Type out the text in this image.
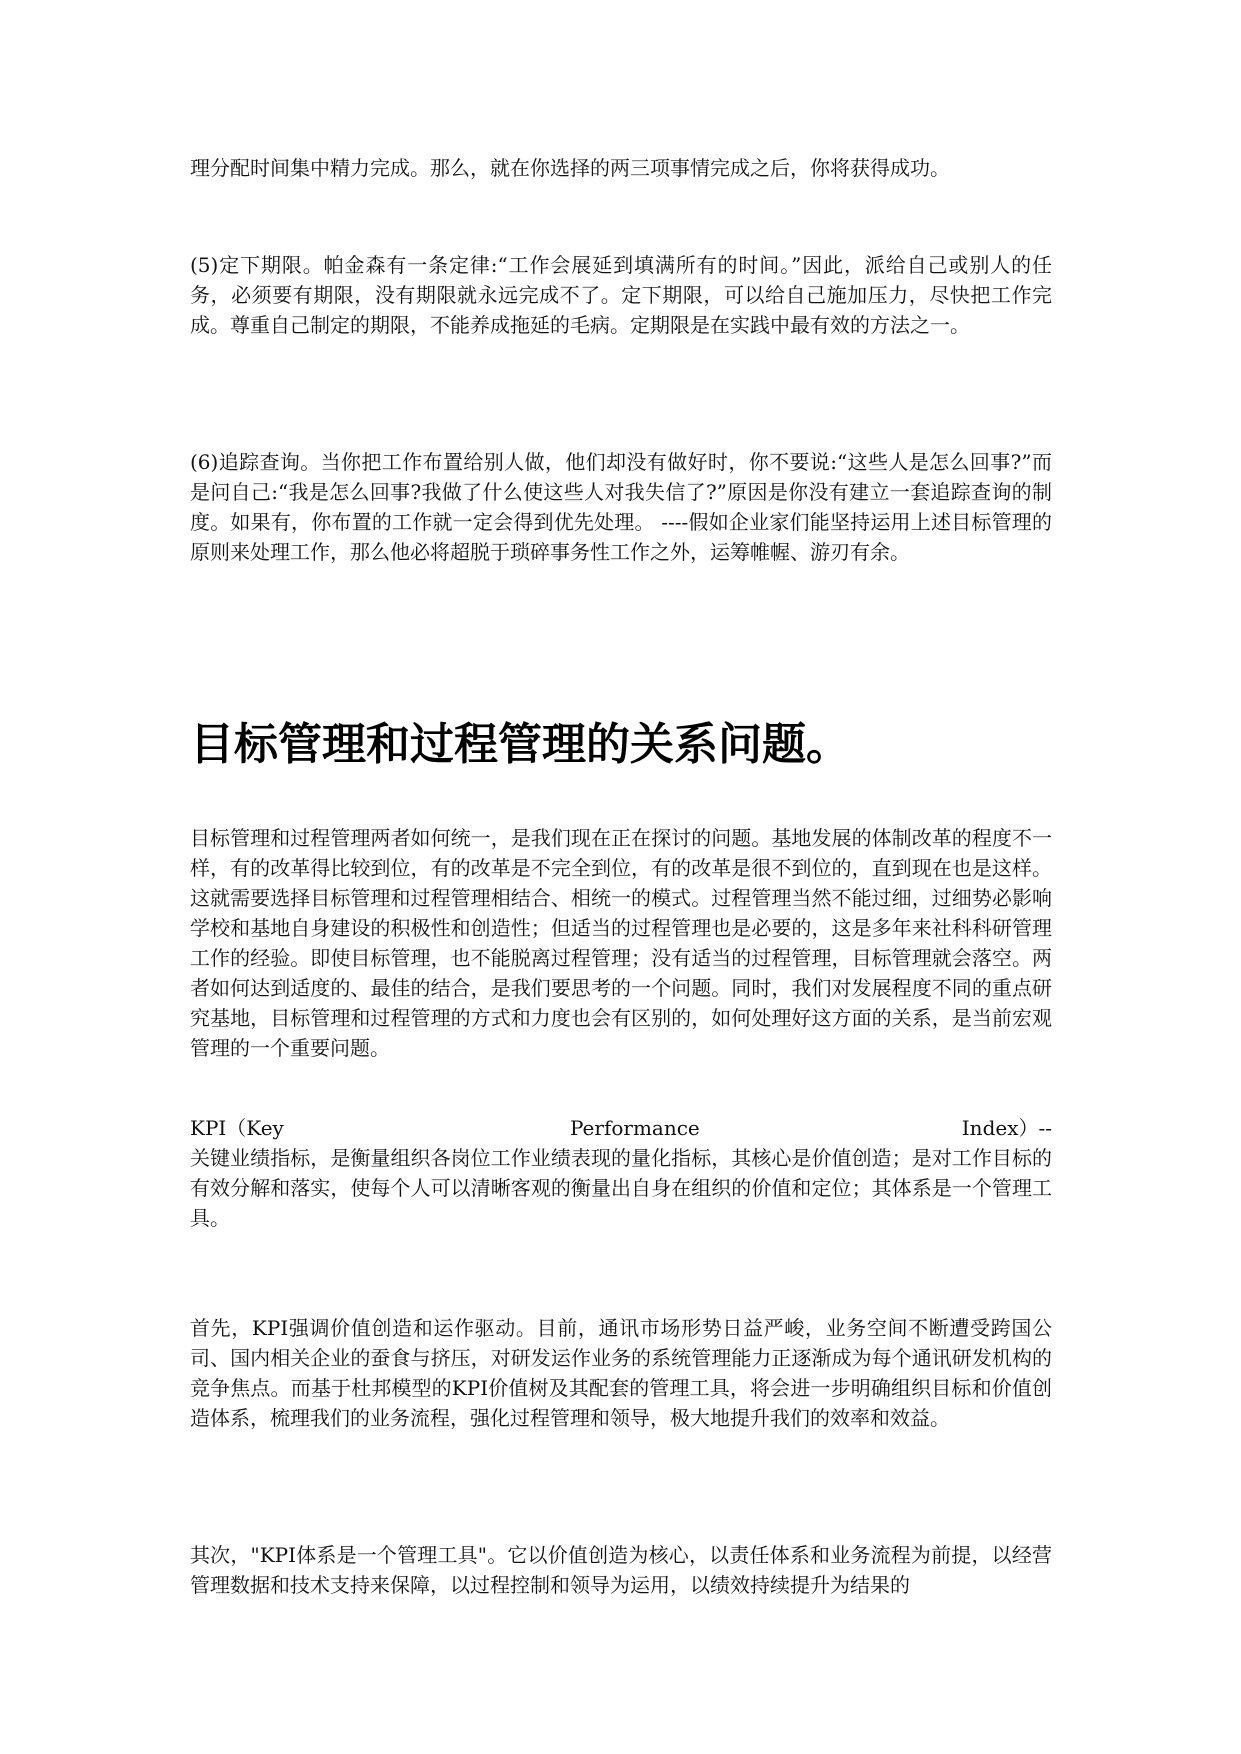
理分配时间集中精力完成。那么，就在你选择的两三项事情完成之后，你将获得成功。

(5)定下期限。帕金森有一条定律:“工作会展延到填满所有的时间。”因此，派给自己或别人的任务，必须要有期限，没有期限就永远完成不了。定下期限，可以给自己施加压力，尽快把工作完成。尊重自己制定的期限，不能养成拖延的毛病。定期限是在实践中最有效的方法之一。

(6)追踪查询。当你把工作布置给别人做，他们却没有做好时，你不要说:“这些人是怎么回事?”而是问自己:“我是怎么回事?我做了什么使这些人对我失信了?”原因是你没有建立一套追踪查询的制度。如果有，你布置的工作就一定会得到优先处理。 ----假如企业家们能坚持运用上述目标管理的原则来处理工作，那么他必将超脱于琐碎事务性工作之外，运筹帷幄、游刃有余。

目标管理和过程管理的关系问题。

目标管理和过程管理两者如何统一，是我们现在正在探讨的问题。基地发展的体制改革的程度不一样，有的改革得比较到位，有的改革是不完全到位，有的改革是很不到位的，直到现在也是这样。这就需要选择目标管理和过程管理相结合、相统一的模式。过程管理当然不能过细，过细势必影响学校和基地自身建设的积极性和创造性；但适当的过程管理也是必要的，这是多年来社科科研管理工作的经验。即使目标管理，也不能脱离过程管理；没有适当的过程管理，目标管理就会落空。两者如何达到适度的、最佳的结合，是我们要思考的一个问题。同时，我们对发展程度不同的重点研究基地，目标管理和过程管理的方式和力度也会有区别的，如何处理好这方面的关系，是当前宏观管理的一个重要问题。

KPI（Key	Performance	Index）--

关键业绩指标，是衡量组织各岗位工作业绩表现的量化指标，其核心是价值创造；是对工作目标的有效分解和落实，使每个人可以清晰客观的衡量出自身在组织的价值和定位；其体系是一个管理工具。

首先，KPI强调价值创造和运作驱动。目前，通讯市场形势日益严峻，业务空间不断遭受跨国公司、国内相关企业的蚕食与挤压，对研发运作业务的系统管理能力正逐渐成为每个通讯研发机构的竞争焦点。而基于杜邦模型的KPI价值树及其配套的管理工具，将会进一步明确组织目标和价值创造体系，梳理我们的业务流程，强化过程管理和领导，极大地提升我们的效率和效益。

其次，"KPI体系是一个管理工具"。它以价值创造为核心，以责任体系和业务流程为前提，以经营管理数据和技术支持来保障，以过程控制和领导为运用，以绩效持续提升为结果的
